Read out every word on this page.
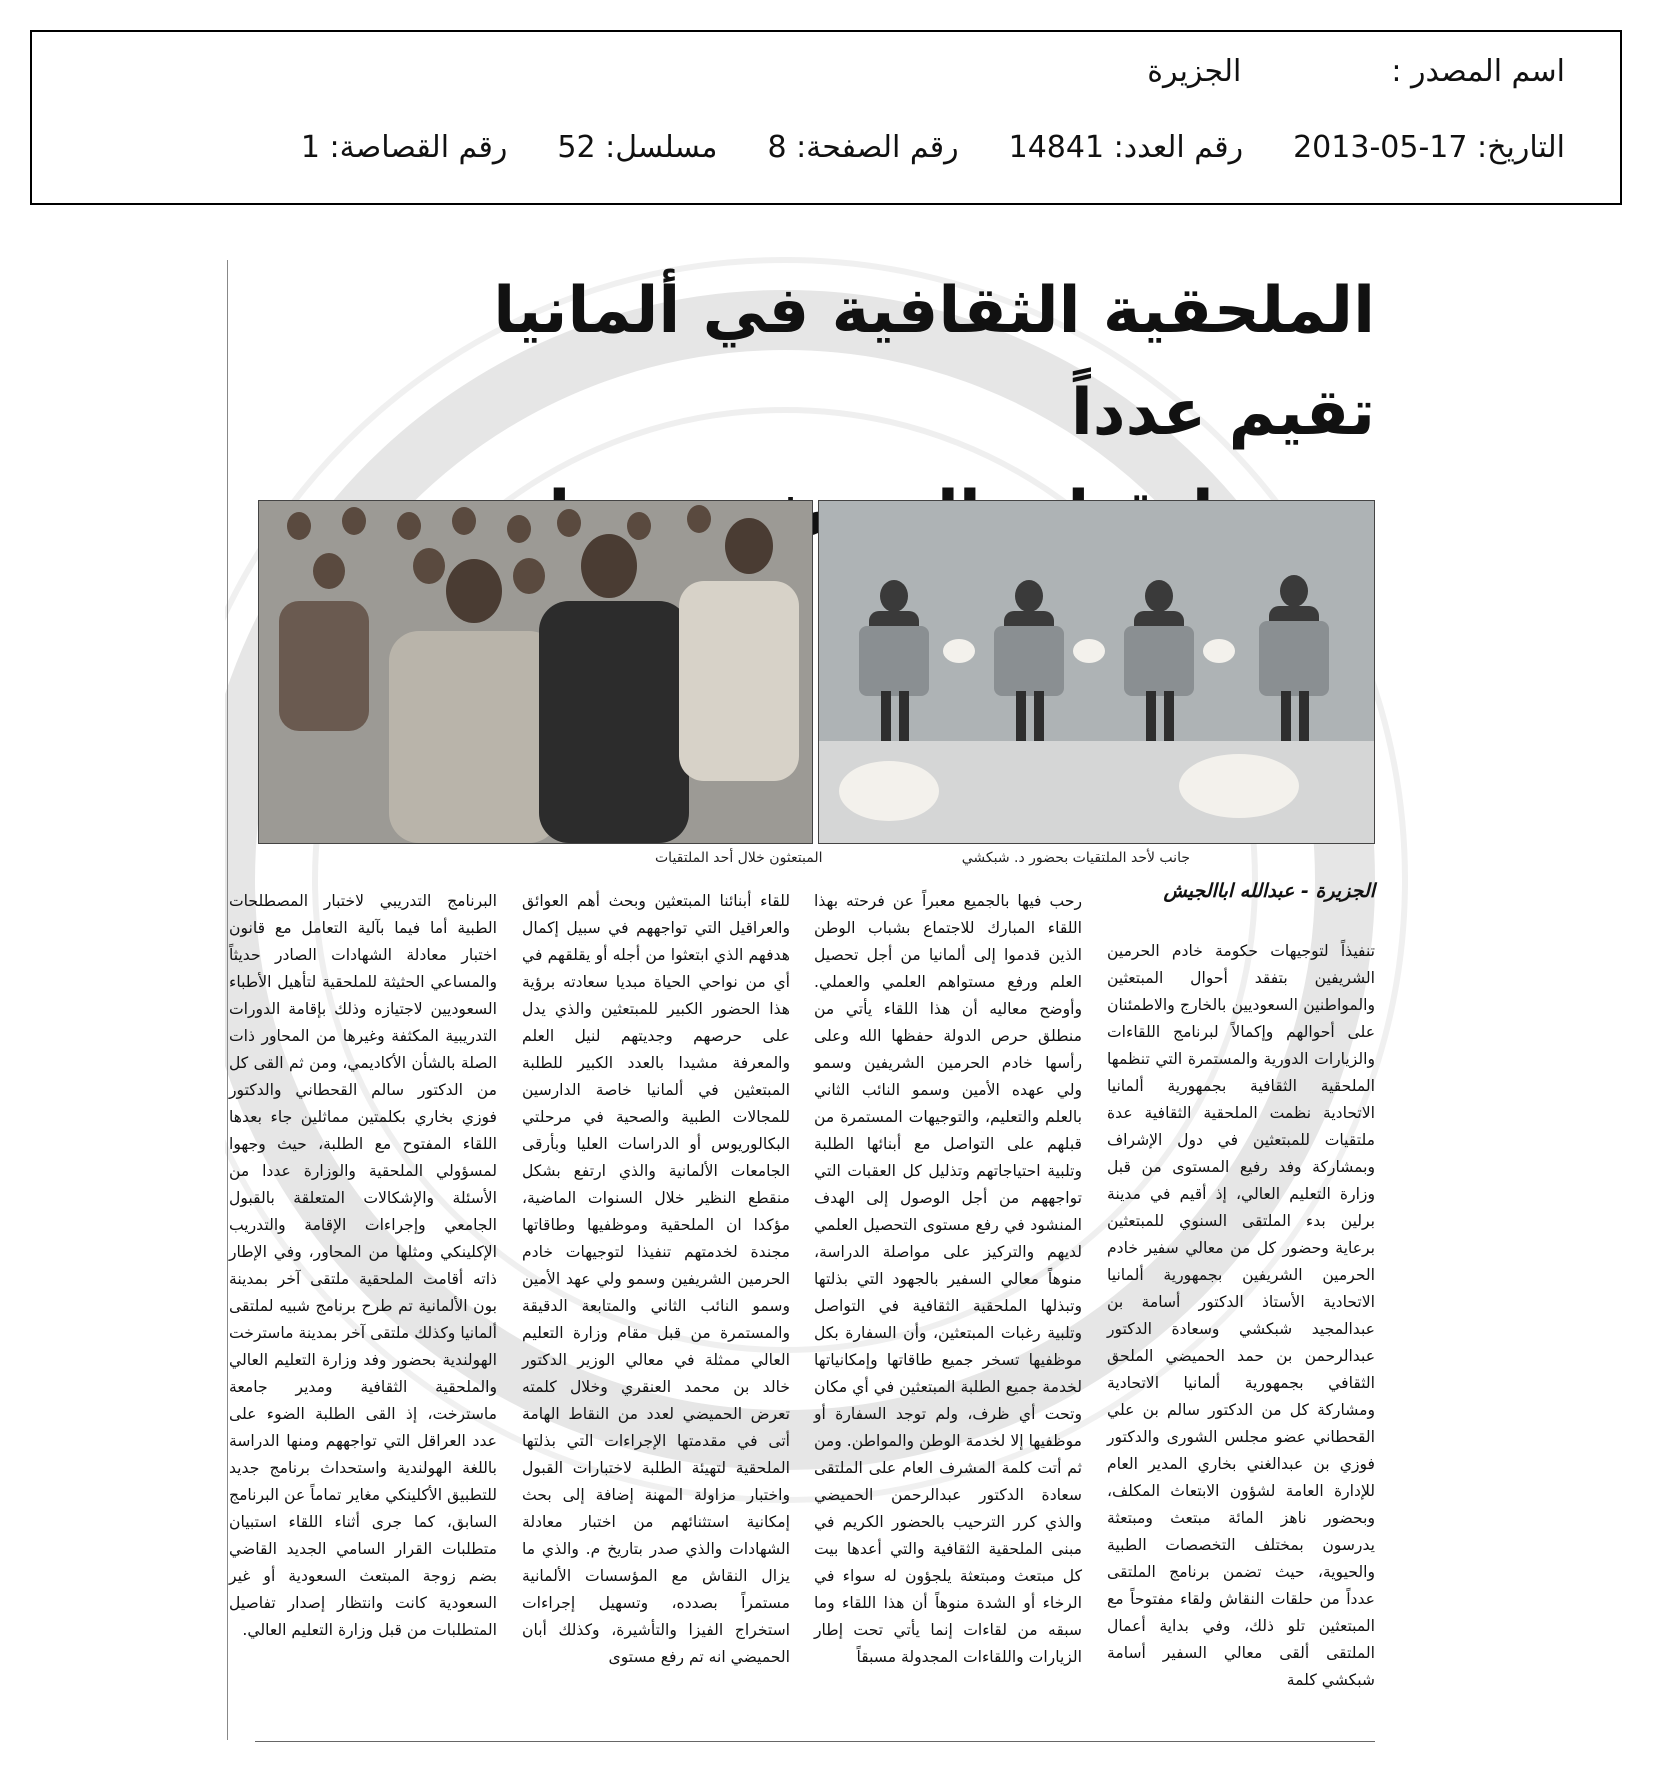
اسم المصدر :الجزيرة
التاريخ: 17-05-2013رقم العدد: 14841رقم الصفحة: 8مسلسل: 52رقم القصاصة: 1
الملحقية الثقافية في ألمانيا تقيم عدداً
جانب لأحد الملتقيات بحضور د. شبكشي
المبتعثون خلال أحد الملتقيات
الجزيرة - عبدالله اباالجيش
تنفيذاً لتوجيهات حكومة خادم الحرمين الشريفين بتفقد أحوال المبتعثين والمواطنين السعوديين بالخارج والاطمئنان على أحوالهم وإكمالاً لبرنامج اللقاءات والزيارات الدورية والمستمرة التي تنظمها الملحقية الثقافية بجمهورية ألمانيا الاتحادية نظمت الملحقية الثقافية عدة ملتقيات للمبتعثين في دول الإشراف وبمشاركة وفد رفيع المستوى من قبل وزارة التعليم العالي، إذ أقيم في مدينة برلين بدء الملتقى السنوي للمبتعثين برعاية وحضور كل من معالي سفير خادم الحرمين الشريفين بجمهورية ألمانيا الاتحادية الأستاذ الدكتور أسامة بن عبدالمجيد شبكشي وسعادة الدكتور عبدالرحمن بن حمد الحميضي الملحق الثقافي بجمهورية ألمانيا الاتحادية ومشاركة كل من الدكتور سالم بن علي القحطاني عضو مجلس الشورى والدكتور فوزي بن عبدالغني بخاري المدير العام للإدارة العامة لشؤون الابتعاث المكلف، وبحضور ناهز المائة مبتعث ومبتعثة يدرسون بمختلف التخصصات الطبية والحيوية، حيث تضمن برنامج الملتقى عدداً من حلقات النقاش ولقاء مفتوحاً مع المبتعثين تلو ذلك، وفي بداية أعمال الملتقى ألقى معالي السفير أسامة شبكشي كلمة
رحب فيها بالجميع معبراً عن فرحته بهذا اللقاء المبارك للاجتماع بشباب الوطن الذين قدموا إلى ألمانيا من أجل تحصيل العلم ورفع مستواهم العلمي والعملي. وأوضح معاليه أن هذا اللقاء يأتي من منطلق حرص الدولة حفظها الله وعلى رأسها خادم الحرمين الشريفين وسمو ولي عهده الأمين وسمو النائب الثاني بالعلم والتعليم، والتوجيهات المستمرة من قبلهم على التواصل مع أبنائها الطلبة وتلبية احتياجاتهم وتذليل كل العقبات التي تواجههم من أجل الوصول إلى الهدف المنشود في رفع مستوى التحصيل العلمي لديهم والتركيز على مواصلة الدراسة، منوهاً معالي السفير بالجهود التي بذلتها وتبذلها الملحقية الثقافية في التواصل وتلبية رغبات المبتعثين، وأن السفارة بكل موظفيها تسخر جميع طاقاتها وإمكانياتها لخدمة جميع الطلبة المبتعثين في أي مكان وتحت أي ظرف، ولم توجد السفارة أو موظفيها إلا لخدمة الوطن والمواطن. ومن ثم أتت كلمة المشرف العام على الملتقى سعادة الدكتور عبدالرحمن الحميضي والذي كرر الترحيب بالحضور الكريم في مبنى الملحقية الثقافية والتي أعدها بيت كل مبتعث ومبتعثة يلجؤون له سواء في الرخاء أو الشدة منوهاً أن هذا اللقاء وما سبقه من لقاءات إنما يأتي تحت إطار الزيارات واللقاءات المجدولة مسبقاً
للقاء أبنائنا المبتعثين وبحث أهم العوائق والعراقيل التي تواجههم في سبيل إكمال هدفهم الذي ابتعثوا من أجله أو يقلقهم في أي من نواحي الحياة مبديا سعادته برؤية هذا الحضور الكبير للمبتعثين والذي يدل على حرصهم وجديتهم لنيل العلم والمعرفة مشيدا بالعدد الكبير للطلبة المبتعثين في ألمانيا خاصة الدارسين للمجالات الطبية والصحية في مرحلتي البكالوريوس أو الدراسات العليا وبأرقى الجامعات الألمانية والذي ارتفع بشكل منقطع النظير خلال السنوات الماضية، مؤكدا ان الملحقية وموظفيها وطاقاتها مجندة لخدمتهم تنفيذا لتوجيهات خادم الحرمين الشريفين وسمو ولي عهد الأمين وسمو النائب الثاني والمتابعة الدقيقة والمستمرة من قبل مقام وزارة التعليم العالي ممثلة في معالي الوزير الدكتور خالد بن محمد العنقري وخلال كلمته تعرض الحميضي لعدد من النقاط الهامة أتى في مقدمتها الإجراءات التي بذلتها الملحقية لتهيئة الطلبة لاختبارات القبول واختبار مزاولة المهنة إضافة إلى بحث إمكانية استثنائهم من اختبار معادلة الشهادات والذي صدر بتاريخ م. والذي ما يزال النقاش مع المؤسسات الألمانية مستمراً بصدده، وتسهيل إجراءات استخراج الفيزا والتأشيرة، وكذلك أبان الحميضي انه تم رفع مستوى
البرنامج التدريبي لاختبار المصطلحات الطبية أما فيما بآلية التعامل مع قانون اختبار معادلة الشهادات الصادر حديثاً والمساعي الحثيثة للملحقية لتأهيل الأطباء السعوديين لاجتيازه وذلك بإقامة الدورات التدريبية المكثفة وغيرها من المحاور ذات الصلة بالشأن الأكاديمي، ومن ثم القى كل من الدكتور سالم القحطاني والدكتور فوزي بخاري بكلمتين مماثلين جاء بعدها اللقاء المفتوح مع الطلبة، حيث وجهوا لمسؤولي الملحقية والوزارة عددا من الأسئلة والإشكالات المتعلقة بالقبول الجامعي وإجراءات الإقامة والتدريب الإكلينكي ومثلها من المحاور، وفي الإطار ذاته أقامت الملحقية ملتقى آخر بمدينة بون الألمانية تم طرح برنامج شبيه لملتقى ألمانيا وكذلك ملتقى آخر بمدينة ماسترخت الهولندية بحضور وفد وزارة التعليم العالي والملحقية الثقافية ومدير جامعة ماسترخت، إذ القى الطلبة الضوء على عدد العراقل التي تواجههم ومنها الدراسة باللغة الهولندية واستحداث برنامج جديد للتطبيق الأكلينكي مغاير تماماً عن البرنامج السابق، كما جرى أثناء اللقاء استبيان متطلبات القرار السامي الجديد القاضي بضم زوجة المبتعث السعودية أو غير السعودية كانت وانتظار إصدار تفاصيل المتطلبات من قبل وزارة التعليم العالي.
